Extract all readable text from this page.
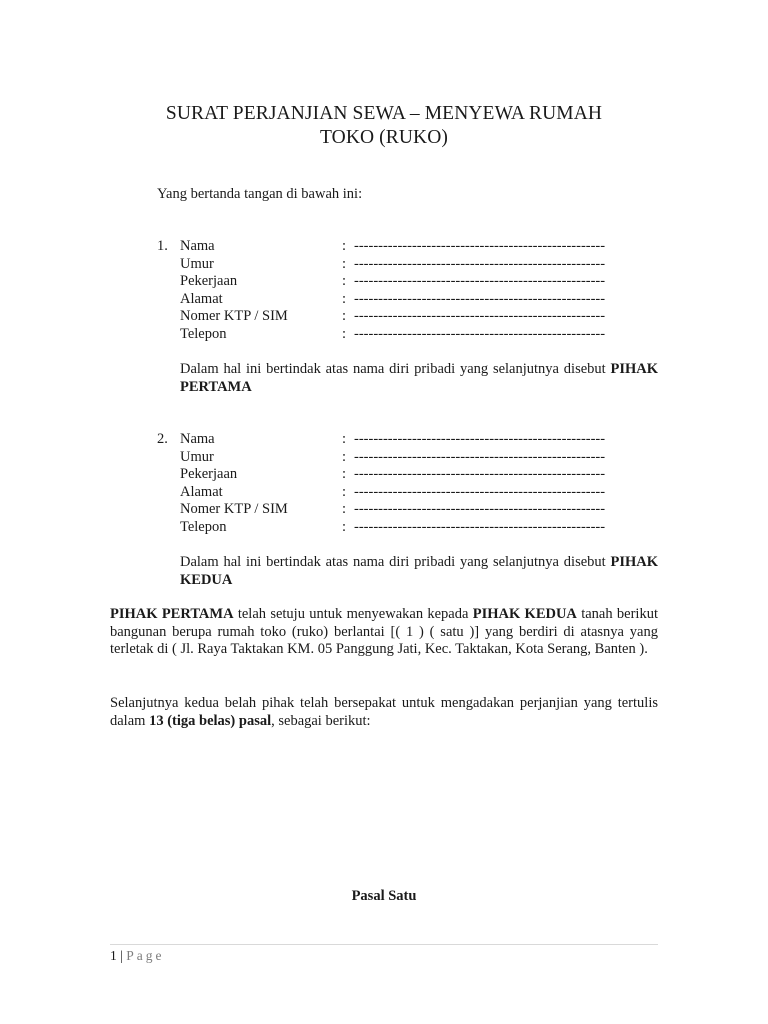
SURAT PERJANJIAN SEWA – MENYEWA RUMAH
TOKO (RUKO)
Yang bertanda tangan di bawah ini:
1. Nama	:	----------------------------------------------------
Umur	:	----------------------------------------------------
Pekerjaan	:	----------------------------------------------------
Alamat	:	----------------------------------------------------
Nomer KTP / SIM	:	----------------------------------------------------
Telepon	:	----------------------------------------------------
Dalam hal ini bertindak atas nama diri pribadi yang selanjutnya disebut PIHAK PERTAMA
2. Nama	:	----------------------------------------------------
Umur	:	----------------------------------------------------
Pekerjaan	:	----------------------------------------------------
Alamat	:	----------------------------------------------------
Nomer KTP / SIM	:	----------------------------------------------------
Telepon	:	----------------------------------------------------
Dalam hal ini bertindak atas nama diri pribadi yang selanjutnya disebut PIHAK KEDUA
PIHAK PERTAMA telah setuju untuk menyewakan kepada PIHAK KEDUA tanah berikut bangunan berupa rumah toko (ruko) berlantai [( 1 ) ( satu )] yang berdiri di atasnya yang terletak di ( Jl. Raya Taktakan KM. 05 Panggung Jati, Kec. Taktakan, Kota Serang, Banten ).
Selanjutnya kedua belah pihak telah bersepakat untuk mengadakan perjanjian yang tertulis dalam 13 (tiga belas) pasal, sebagai berikut:
Pasal Satu
1 | Page
